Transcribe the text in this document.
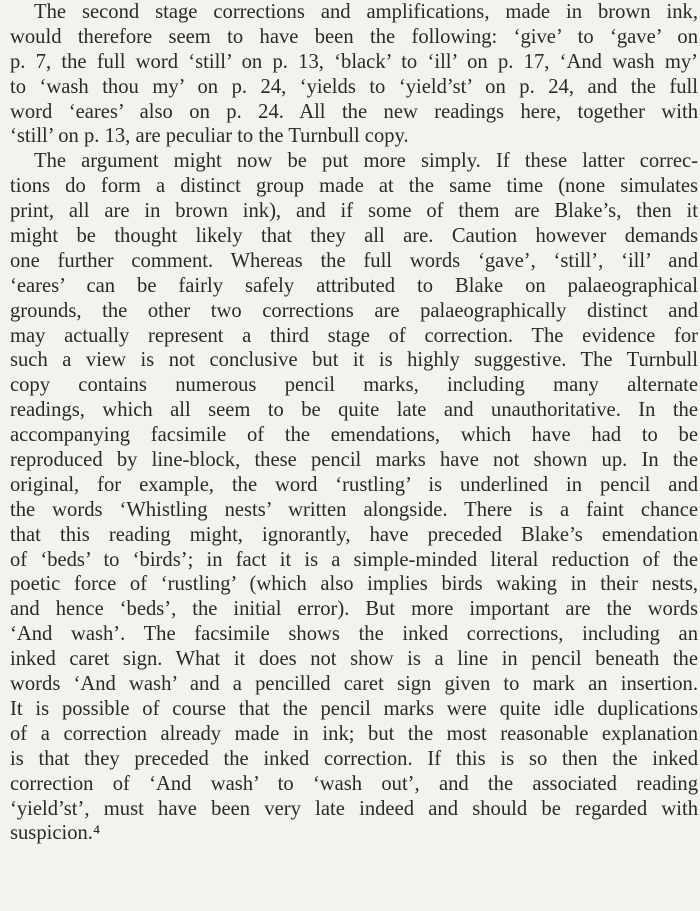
The second stage corrections and amplifications, made in brown ink,
would therefore seem to have been the following: ‘give’ to ‘gave’ on
p. 7, the full word ‘still’ on p. 13, ‘black’ to ‘ill’ on p. 17, ‘And wash my’
to ‘wash thou my’ on p. 24, ‘yields to ‘yield’st’ on p. 24, and the full
word ‘eares’ also on p. 24. All the new readings here, together with
‘still’ on p. 13, are peculiar to the Turnbull copy.

The argument might now be put more simply. If these latter correc-
tions do form a distinct group made at the same time (none simulates
print, all are in brown ink), and if some of them are Blake’s, then it
might be thought likely that they all are. Caution however demands
one further comment. Whereas the full words ‘gave’, ‘still’, ‘ill’ and
‘eares’ can be fairly safely attributed to Blake on palaeographical
grounds, the other two corrections are palaeographically distinct and
may actually represent a third stage of correction. The evidence for
such a view is not conclusive but it is highly suggestive. The Turnbull
copy contains numerous pencil marks, including many alternate
readings, which all seem to be quite late and unauthoritative. In the
accompanying facsimile of the emendations, which have had to be
reproduced by line-block, these pencil marks have not shown up. In the
original, for example, the word ‘rustling’ is underlined in pencil and
the words ‘Whistling nests’ written alongside. There is a faint chance
that this reading might, ignorantly, have preceded Blake’s emendation
of ‘beds’ to ‘birds’; in fact it is a simple-minded literal reduction of the
poetic force of ‘rustling’ (which also implies birds waking in their nests,
and hence ‘beds’, the initial error). But more important are the words
‘And wash’. The facsimile shows the inked corrections, including an
inked caret sign. What it does not show is a line in pencil beneath the
words ‘And wash’ and a pencilled caret sign given to mark an insertion.
It is possible of course that the pencil marks were quite idle duplications
of a correction already made in ink; but the most reasonable explanation
is that they preceded the inked correction. If this is so then the inked
correction of ‘And wash’ to ‘wash out’, and the associated reading
‘yield’st’, must have been very late indeed and should be regarded with
suspicion.⁴
